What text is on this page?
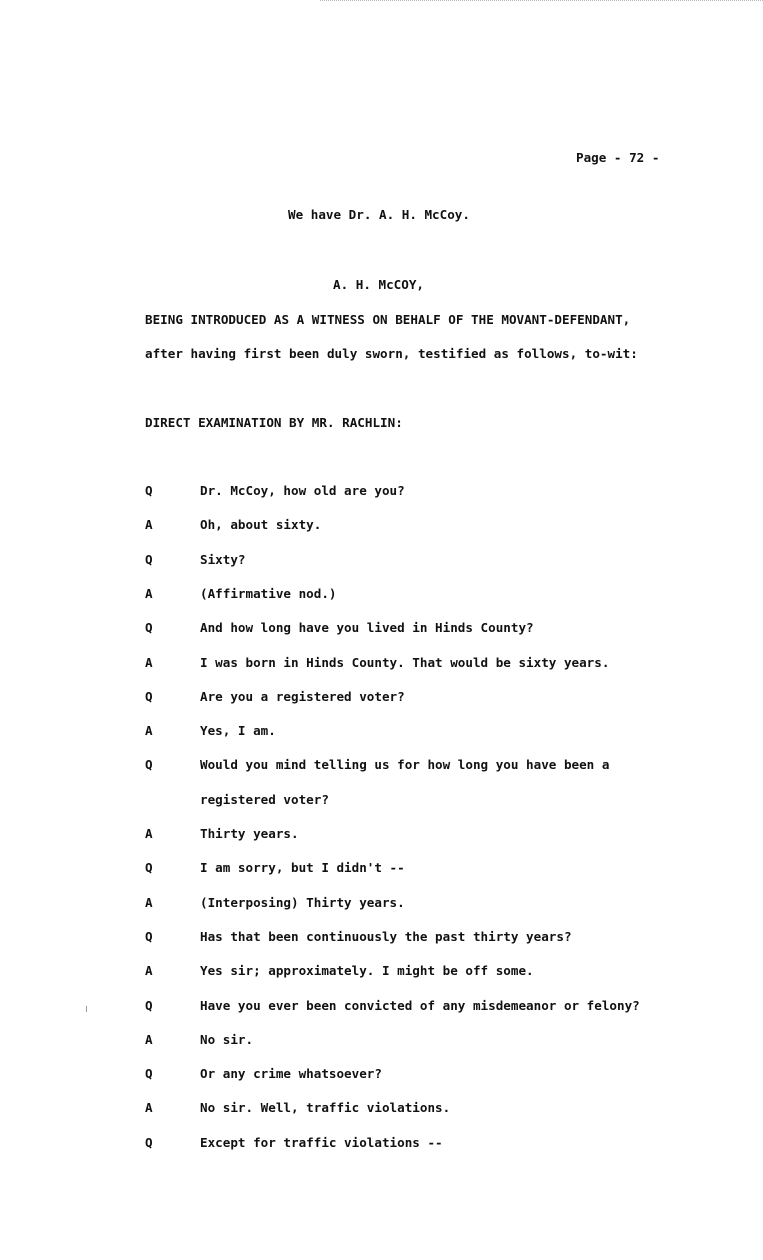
Page - 72 -
We have Dr. A. H. McCoy.
A. H. McCOY,
BEING INTRODUCED AS A WITNESS ON BEHALF OF THE MOVANT-DEFENDANT,
after having first been duly sworn, testified as follows, to-wit:
DIRECT EXAMINATION BY MR. RACHLIN:
Q	Dr. McCoy, how old are you?
A	Oh, about sixty.
Q	Sixty?
A	(Affirmative nod.)
Q	And how long have you lived in Hinds County?
A	I was born in Hinds County. That would be sixty years.
Q	Are you a registered voter?
A	Yes, I am.
Q	Would you mind telling us for how long you have been a
registered voter?
A	Thirty years.
Q	I am sorry, but I didn't --
A	(Interposing) Thirty years.
Q	Has that been continuously the past thirty years?
A	Yes sir; approximately. I might be off some.
Q	Have you ever been convicted of any misdemeanor or felony?
A	No sir.
Q	Or any crime whatsoever?
A	No sir. Well, traffic violations.
Q	Except for traffic violations --
